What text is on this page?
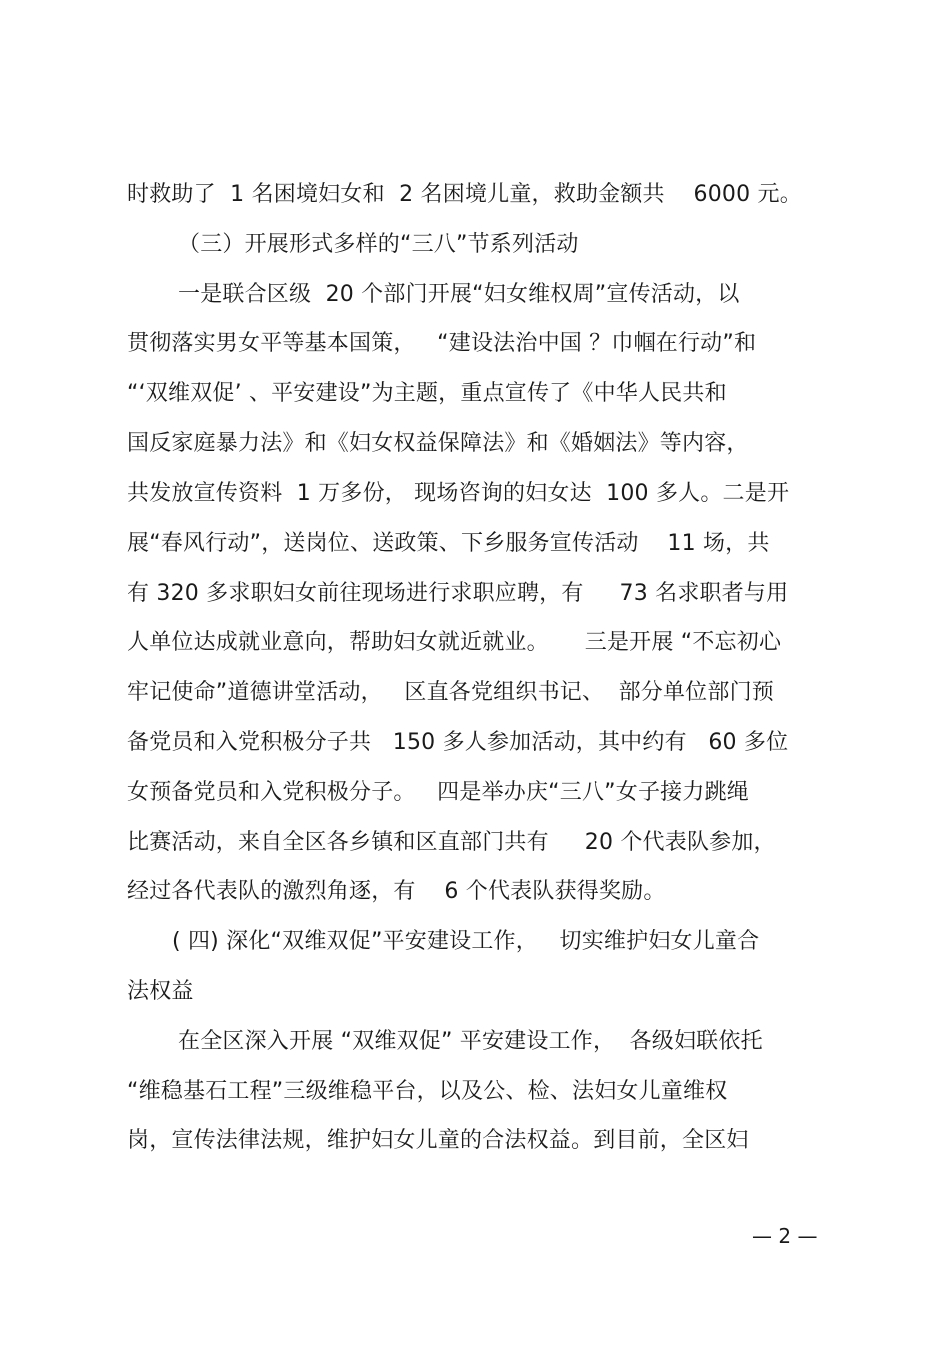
时救助了  1 名困境妇女和  2 名困境儿童，救助金额共    6000 元。
（三）开展形式多样的“三八”节系列活动
一是联合区级  20 个部门开展“妇女维权周”宣传活动，以
贯彻落实男女平等基本国策，   “建设法治中国 ？巾帼在行动”和
“‘双维双促’ 、平安建设”为主题，重点宣传了《中华人民共和
国反家庭暴力法》和《妇女权益保障法》和《婚姻法》等内容，
共发放宣传资料  1 万多份， 现场咨询的妇女达  100 多人。二是开
展“春风行动”，送岗位、送政策、下乡服务宣传活动    11 场，共
有 320 多求职妇女前往现场进行求职应聘，有     73 名求职者与用
人单位达成就业意向，帮助妇女就近就业。     三是开展 “不忘初心
牢记使命”道德讲堂活动，   区直各党组织书记、  部分单位部门预
备党员和入党积极分子共   150 多人参加活动，其中约有   60 多位
女预备党员和入党积极分子。   四是举办庆“三八”女子接力跳绳
比赛活动，来自全区各乡镇和区直部门共有     20 个代表队参加，
经过各代表队的激烈角逐，有    6 个代表队获得奖励。
( 四) 深化“双维双促”平安建设工作，   切实维护妇女儿童合
法权益
在全区深入开展 “双维双促” 平安建设工作，  各级妇联依托
“维稳基石工程”三级维稳平台，以及公、检、法妇女儿童维权
岗，宣传法律法规，维护妇女儿童的合法权益。到目前，全区妇
— 2 —
